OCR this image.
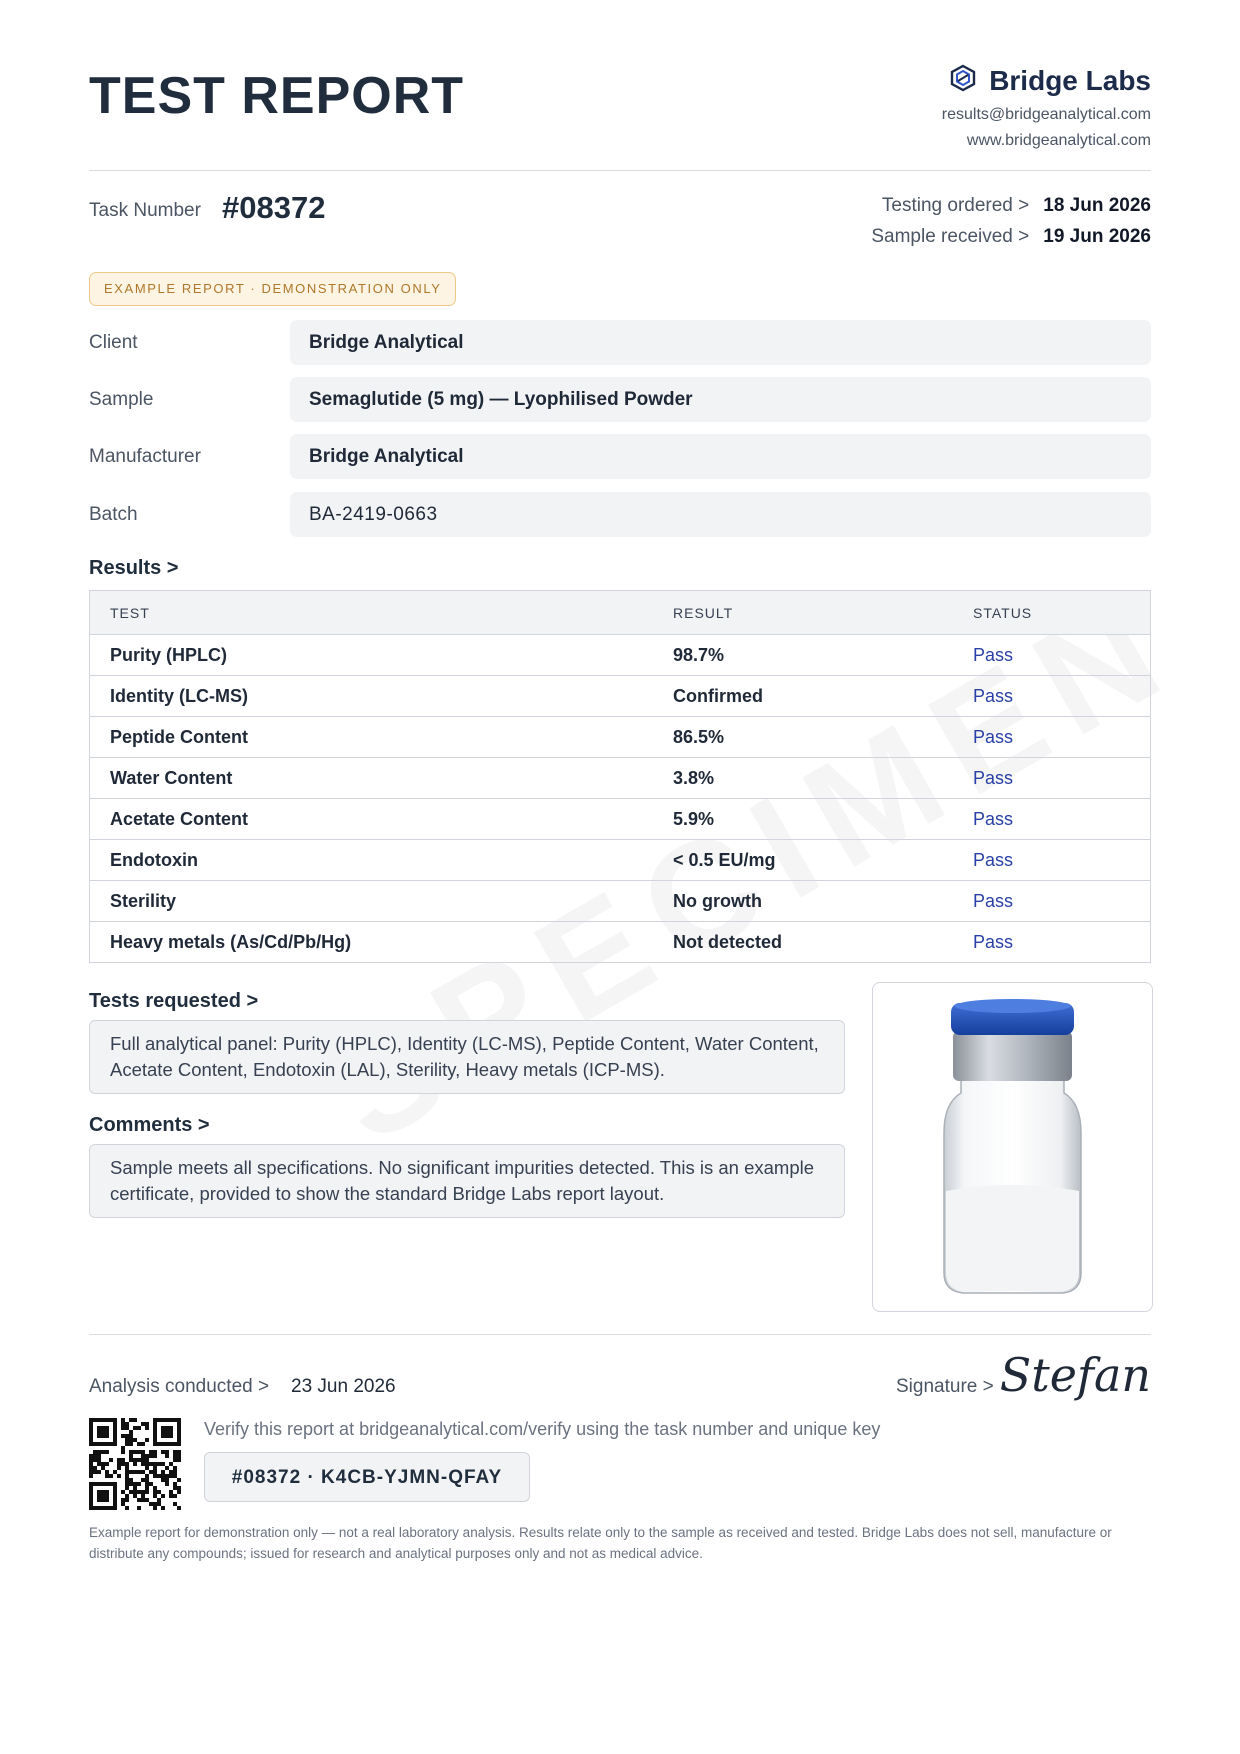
TEST REPORT	Bridge Labs
results@bridgeanalytical.com
www.bridgeanalytical.com
Task Number #08372	Testing ordered > 18 Jun 2026
Sample received > 19 Jun 2026
EXAMPLE REPORT · DEMONSTRATION ONLY
Client	Bridge Analytical
Sample	Semaglutide (5 mg) — Lyophilised Powder
Manufacturer	Bridge Analytical
Batch	BA-2419-0663
Results >
TEST	RESULT	STATUS
Purity (HPLC)	98.7%	Pass
Identity (LC-MS)	Confirmed	Pass
Peptide Content	86.5%	Pass
Water Content	3.8%	Pass
Acetate Content	5.9%	Pass
Endotoxin	< 0.5 EU/mg	Pass
Sterility	No growth	Pass
Heavy metals (As/Cd/Pb/Hg)	Not detected	Pass
Tests requested >
Full analytical panel: Purity (HPLC), Identity (LC-MS), Peptide Content, Water Content, Acetate Content, Endotoxin (LAL), Sterility, Heavy metals (ICP-MS).
Comments >
Sample meets all specifications. No significant impurities detected. This is an example certificate, provided to show the standard Bridge Labs report layout.
Analysis conducted > 23 Jun 2026	Signature > Stefan
Verify this report at bridgeanalytical.com/verify using the task number and unique key
#08372 · K4CB-YJMN-QFAY
Example report for demonstration only — not a real laboratory analysis. Results relate only to the sample as received and tested. Bridge Labs does not sell, manufacture or distribute any compounds; issued for research and analytical purposes only and not as medical advice.
